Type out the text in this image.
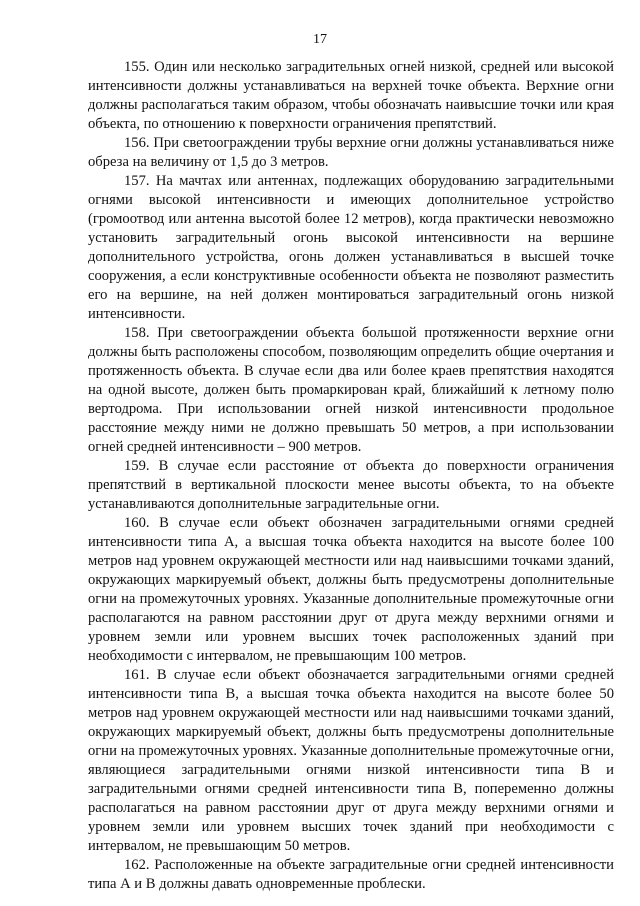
17

155. Один или несколько заградительных огней низкой, средней или высокой интенсивности должны устанавливаться на верхней точке объекта. Верхние огни должны располагаться таким образом, чтобы обозначать наивысшие точки или края объекта, по отношению к поверхности ограничения препятствий.

156. При светоограждении трубы верхние огни должны устанавливаться ниже обреза на величину от 1,5 до 3 метров.

157. На мачтах или антеннах, подлежащих оборудованию заградительными огнями высокой интенсивности и имеющих дополнительное устройство (громоотвод или антенна высотой более 12 метров), когда практически невозможно установить заградительный огонь высокой интенсивности на вершине дополнительного устройства, огонь должен устанавливаться в высшей точке сооружения, а если конструктивные особенности объекта не позволяют разместить его на вершине, на ней должен монтироваться заградительный огонь низкой интенсивности.

158. При светоограждении объекта большой протяженности верхние огни должны быть расположены способом, позволяющим определить общие очертания и протяженность объекта. В случае если два или более краев препятствия находятся на одной высоте, должен быть промаркирован край, ближайший к летному полю вертодрома. При использовании огней низкой интенсивности продольное расстояние между ними не должно превышать 50 метров, а при использовании огней средней интенсивности – 900 метров.

159. В случае если расстояние от объекта до поверхности ограничения препятствий в вертикальной плоскости менее высоты объекта, то на объекте устанавливаются дополнительные заградительные огни.

160. В случае если объект обозначен заградительными огнями средней интенсивности типа А, а высшая точка объекта находится на высоте более 100 метров над уровнем окружающей местности или над наивысшими точками зданий, окружающих маркируемый объект, должны быть предусмотрены дополнительные огни на промежуточных уровнях. Указанные дополнительные промежуточные огни располагаются на равном расстоянии друг от друга между верхними огнями и уровнем земли или уровнем высших точек расположенных зданий при необходимости с интервалом, не превышающим 100 метров.

161. В случае если объект обозначается заградительными огнями средней интенсивности типа В, а высшая точка объекта находится на высоте более 50 метров над уровнем окружающей местности или над наивысшими точками зданий, окружающих маркируемый объект, должны быть предусмотрены дополнительные огни на промежуточных уровнях. Указанные дополнительные промежуточные огни, являющиеся заградительными огнями низкой интенсивности типа В и заградительными огнями средней интенсивности типа В, попеременно должны располагаться на равном расстоянии друг от друга между верхними огнями и уровнем земли или уровнем высших точек зданий при необходимости с интервалом, не превышающим 50 метров.

162. Расположенные на объекте заградительные огни средней интенсивности типа А и В должны давать одновременные проблески.
